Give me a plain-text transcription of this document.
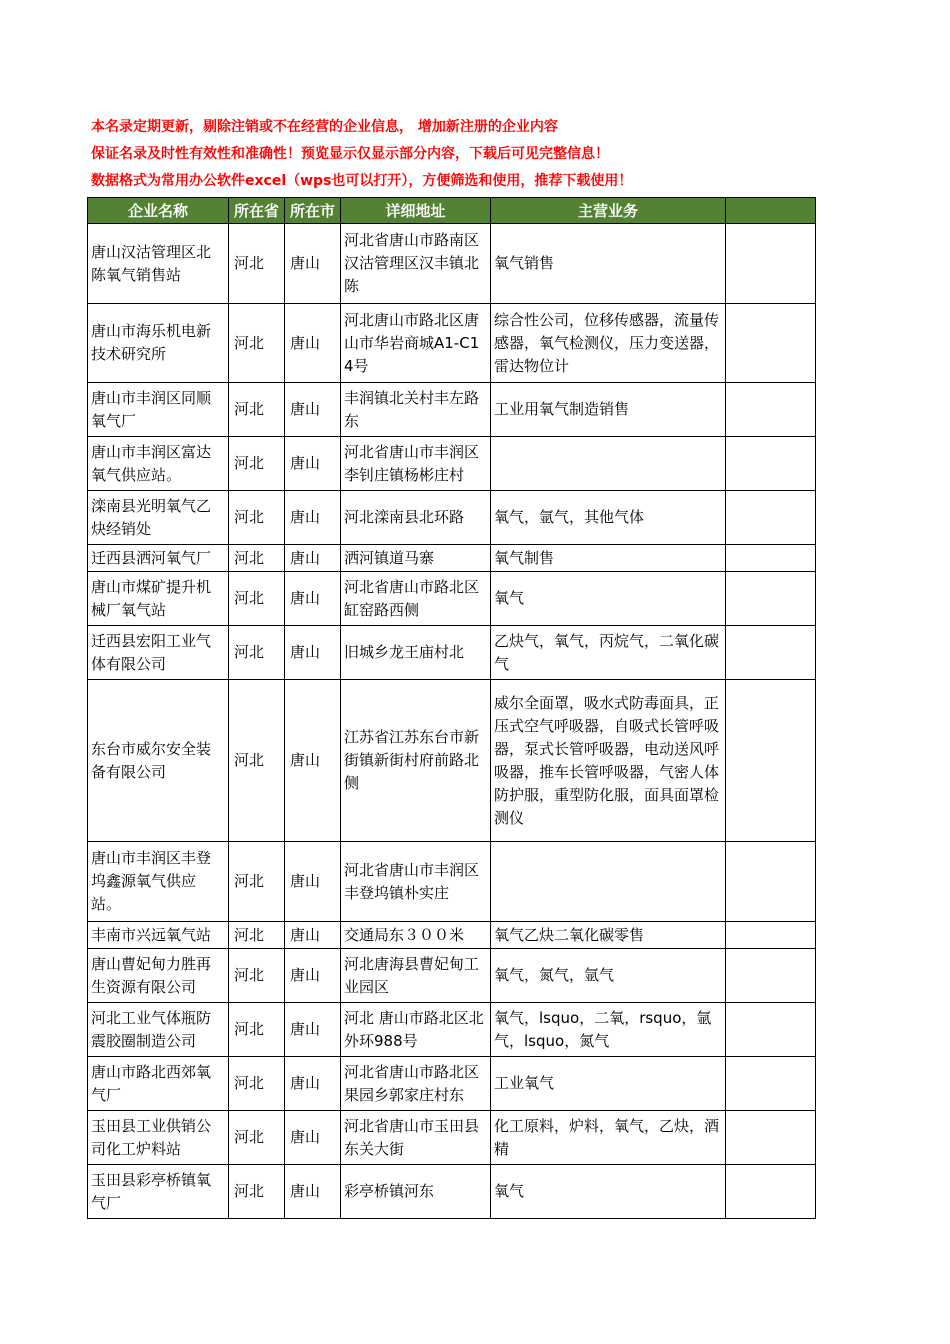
本名录定期更新，剔除注销或不在经营的企业信息， 增加新注册的企业内容
保证名录及时性有效性和准确性！预览显示仅显示部分内容，下载后可见完整信息！
数据格式为常用办公软件excel（wps也可以打开），方便筛选和使用，推荐下载使用！
企业名称	所在省	所在市	详细地址	主营业务	
唐山汉沽管理区北陈氧气销售站	河北	唐山	河北省唐山市路南区汉沽管理区汉丰镇北陈	氧气销售	
唐山市海乐机电新技术研究所	河北	唐山	河北唐山市路北区唐山市华岩商城A1-C14号	综合性公司，位移传感器，流量传感器，氧气检测仪，压力变送器，雷达物位计	
唐山市丰润区同顺氧气厂	河北	唐山	丰润镇北关村丰左路东	工业用氧气制造销售	
唐山市丰润区富达氧气供应站。	河北	唐山	河北省唐山市丰润区李钊庄镇杨彬庄村		
滦南县光明氧气乙炔经销处	河北	唐山	河北滦南县北环路	氧气，氩气，其他气体	
迁西县洒河氧气厂	河北	唐山	洒河镇道马寨	氧气制售	
唐山市煤矿提升机械厂氧气站	河北	唐山	河北省唐山市路北区缸窑路西侧	氧气	
迁西县宏阳工业气体有限公司	河北	唐山	旧城乡龙王庙村北	乙炔气，氧气，丙烷气，二氧化碳气	
东台市威尔安全装备有限公司	河北	唐山	江苏省江苏东台市新街镇新街村府前路北侧	威尔全面罩，吸水式防毒面具，正压式空气呼吸器，自吸式长管呼吸器，泵式长管呼吸器，电动送风呼吸器，推车长管呼吸器，气密人体防护服，重型防化服，面具面罩检测仪	
唐山市丰润区丰登坞鑫源氧气供应站。	河北	唐山	河北省唐山市丰润区丰登坞镇朴实庄		
丰南市兴远氧气站	河北	唐山	交通局东３００米	氧气乙炔二氧化碳零售	
唐山曹妃甸力胜再生资源有限公司	河北	唐山	河北唐海县曹妃甸工业园区	氧气，氮气，氩气	
河北工业气体瓶防震胶圈制造公司	河北	唐山	河北 唐山市路北区北外环988号	氧气，lsquo，二氧，rsquo，氩气，lsquo，氮气	
唐山市路北西郊氧气厂	河北	唐山	河北省唐山市路北区果园乡郭家庄村东	工业氧气	
玉田县工业供销公司化工炉料站	河北	唐山	河北省唐山市玉田县东关大街	化工原料，炉料，氧气，乙炔，酒精	
玉田县彩亭桥镇氧气厂	河北	唐山	彩亭桥镇河东	氧气	
